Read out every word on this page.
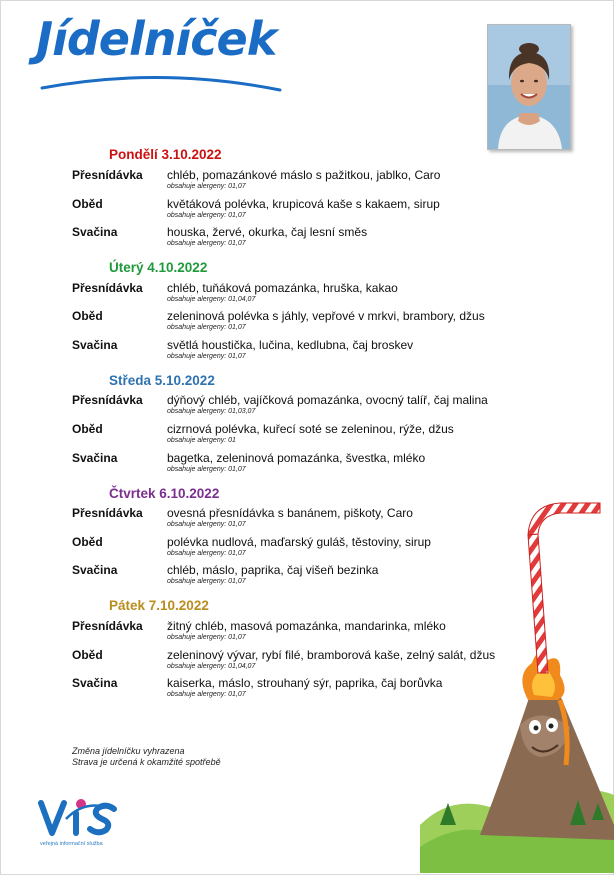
Jídelníček
Pondělí 3.10.2022
Přesnídávka chléb, pomazánkové máslo s pažitkou, jablko, Caro
obsahuje alergeny: 01,07
Oběd	květáková polévka, krupicová kaše s kakaem, sirup
obsahuje alergeny: 01,07
Svačina	houska, žervé, okurka, čaj lesní směs
obsahuje alergeny: 01,07
Úterý 4.10.2022
Přesnídávka chléb, tuňáková pomazánka, hruška, kakao
obsahuje alergeny: 01,04,07
Oběd	zeleninová polévka s jáhly, vepřové v mrkvi, brambory, džus
obsahuje alergeny: 01,07
Svačina	světlá houstička, lučina, kedlubna, čaj broskev
obsahuje alergeny: 01,07
Středa 5.10.2022
Přesnídávka dýňový chléb, vajíčková pomazánka, ovocný talíř, čaj malina
obsahuje alergeny: 01,03,07
Oběd	cizrnová polévka, kuřecí soté se zeleninou, rýže, džus
obsahuje alergeny: 01
Svačina	bagetka, zeleninová pomazánka, švestka, mléko
obsahuje alergeny: 01,07
Čtvrtek 6.10.2022
Přesnídávka ovesná přesnídávka s banánem, piškoty, Caro
obsahuje alergeny: 01,07
Oběd	polévka nudlová, maďarský guláš, těstoviny, sirup
obsahuje alergeny: 01,07
Svačina	chléb, máslo, paprika, čaj višeň bezinka
obsahuje alergeny: 01,07
Pátek 7.10.2022
Přesnídávka žitný chléb, masová pomazánka, mandarinka, mléko
obsahuje alergeny: 01,07
Oběd	zeleninový vývar, rybí filé, bramborová kaše, zelný salát, džus
obsahuje alergeny: 01,04,07
Svačina	kaiserka, máslo, strouhaný sýr, paprika, čaj borůvka
obsahuje alergeny: 01,07
Změna jídelníčku vyhrazena
Strava je určená k okamžité spotřebě
veřejná informační služba
